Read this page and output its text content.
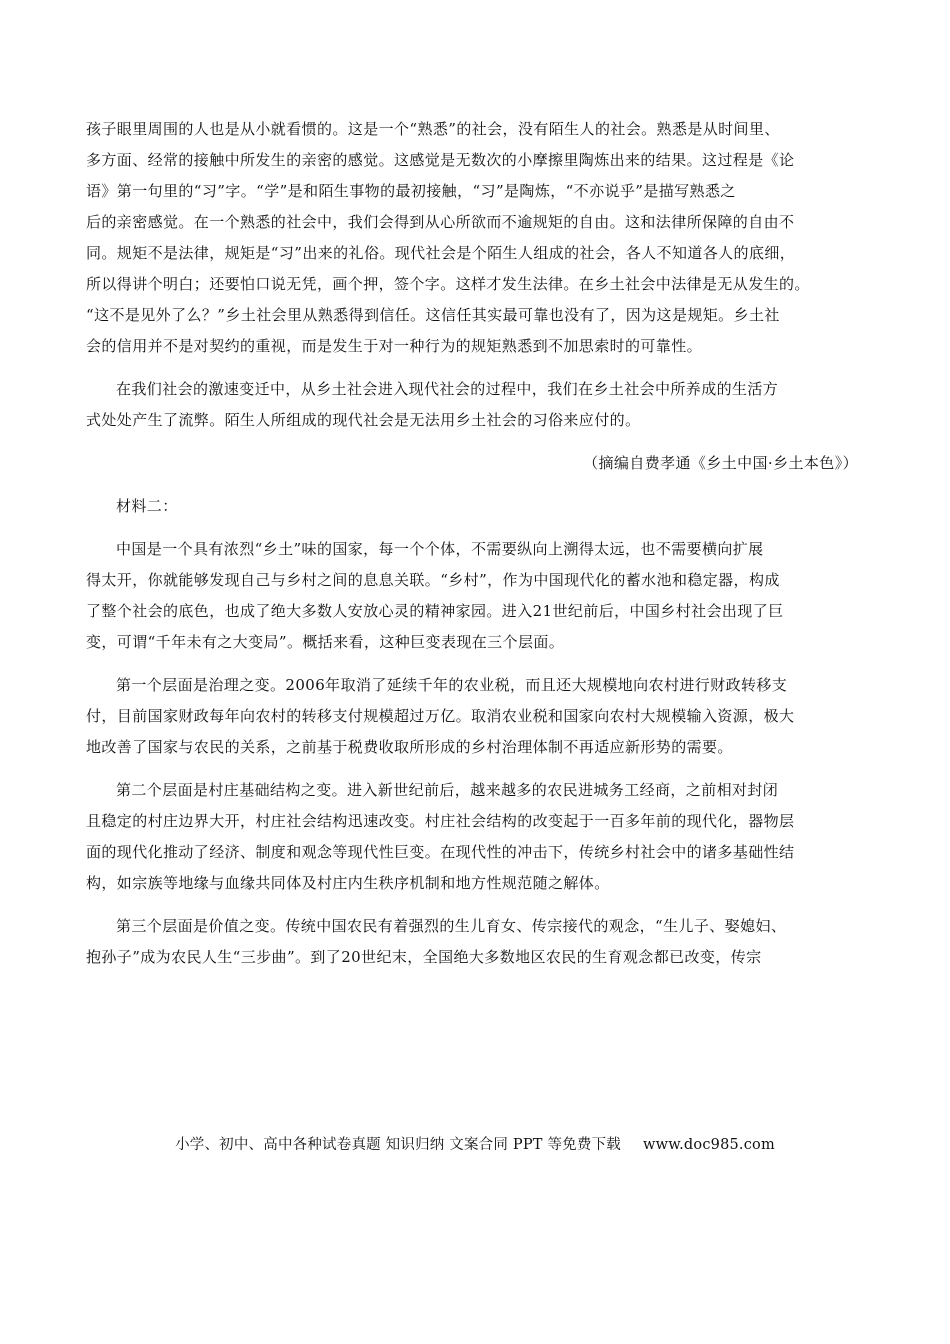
孩子眼里周围的人也是从小就看惯的。这是一个“熟悉”的社会，没有陌生人的社会。熟悉是从时间里、
多方面、经常的接触中所发生的亲密的感觉。这感觉是无数次的小摩擦里陶炼出来的结果。这过程是《论
语》第一句里的“习”字。“学”是和陌生事物的最初接触，“习”是陶炼，“不亦说乎”是描写熟悉之
后的亲密感觉。在一个熟悉的社会中，我们会得到从心所欲而不逾规矩的自由。这和法律所保障的自由不
同。规矩不是法律，规矩是“习”出来的礼俗。现代社会是个陌生人组成的社会，各人不知道各人的底细，
所以得讲个明白；还要怕口说无凭，画个押，签个字。这样才发生法律。在乡土社会中法律是无从发生的。
“这不是见外了么？”乡土社会里从熟悉得到信任。这信任其实最可靠也没有了，因为这是规矩。乡土社
会的信用并不是对契约的重视，而是发生于对一种行为的规矩熟悉到不加思索时的可靠性。
在我们社会的激速变迁中，从乡土社会进入现代社会的过程中，我们在乡土社会中所养成的生活方
式处处产生了流弊。陌生人所组成的现代社会是无法用乡土社会的习俗来应付的。
（摘编自费孝通《乡土中国·乡土本色》）
材料二：
中国是一个具有浓烈“乡土”味的国家，每一个个体，不需要纵向上溯得太远，也不需要横向扩展
得太开，你就能够发现自己与乡村之间的息息关联。“乡村”，作为中国现代化的蓄水池和稳定器，构成
了整个社会的底色，也成了绝大多数人安放心灵的精神家园。进入21世纪前后，中国乡村社会出现了巨
变，可谓“千年未有之大变局”。概括来看，这种巨变表现在三个层面。
第一个层面是治理之变。2006年取消了延续千年的农业税，而且还大规模地向农村进行财政转移支
付，目前国家财政每年向农村的转移支付规模超过万亿。取消农业税和国家向农村大规模输入资源，极大
地改善了国家与农民的关系，之前基于税费收取所形成的乡村治理体制不再适应新形势的需要。
第二个层面是村庄基础结构之变。进入新世纪前后，越来越多的农民进城务工经商，之前相对封闭
且稳定的村庄边界大开，村庄社会结构迅速改变。村庄社会结构的改变起于一百多年前的现代化，器物层
面的现代化推动了经济、制度和观念等现代性巨变。在现代性的冲击下，传统乡村社会中的诸多基础性结
构，如宗族等地缘与血缘共同体及村庄内生秩序机制和地方性规范随之解体。
第三个层面是价值之变。传统中国农民有着强烈的生儿育女、传宗接代的观念，“生儿子、娶媳妇、
抱孙子”成为农民人生“三步曲”。到了20世纪末，全国绝大多数地区农民的生育观念都已改变，传宗
小学、初中、高中各种试卷真题 知识归纳 文案合同 PPT 等免费下载 www.doc985.com
